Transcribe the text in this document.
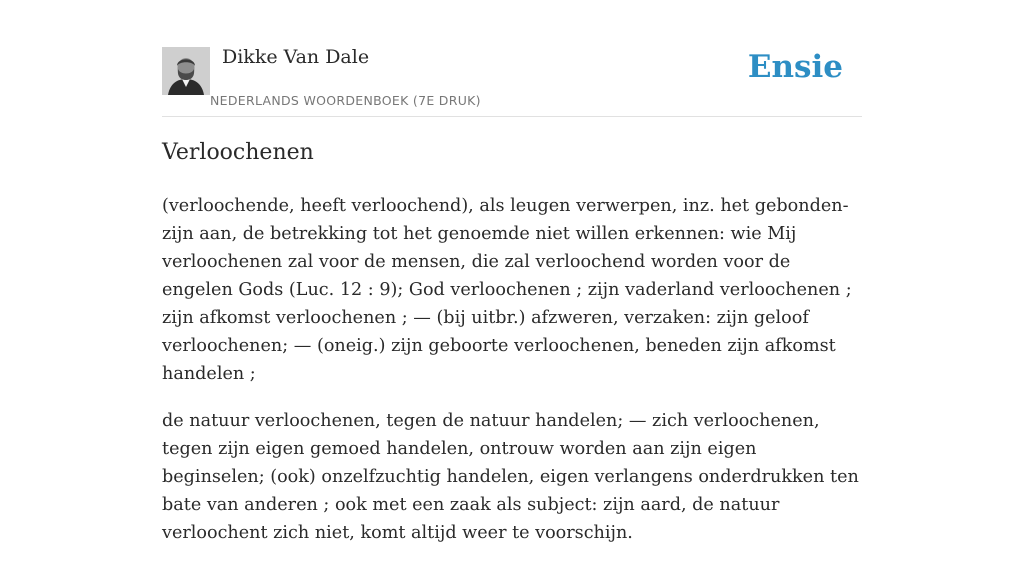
Dikke Van Dale
NEDERLANDS WOORDENBOEK (7E DRUK)
Ensie
Verloochenen

(verloochende, heeft verloochend), als leugen verwerpen, inz. het gebonden-zijn aan, de betrekking tot het genoemde niet willen erkennen: wie Mij verloochenen zal voor de mensen, die zal verloochend worden voor de engelen Gods (Luc. 12 : 9); God verloochenen ; zijn vaderland verloochenen ; zijn afkomst verloochenen ; — (bij uitbr.) afzweren, verzaken: zijn geloof verloochenen; — (oneig.) zijn geboorte verloochenen, beneden zijn afkomst handelen ;

de natuur verloochenen, tegen de natuur handelen; — zich verloochenen, tegen zijn eigen gemoed handelen, ontrouw worden aan zijn eigen beginselen; (ook) onzelfzuchtig handelen, eigen verlangens onderdrukken ten bate van anderen ; ook met een zaak als subject: zijn aard, de natuur verloochent zich niet, komt altijd weer te voorschijn.
